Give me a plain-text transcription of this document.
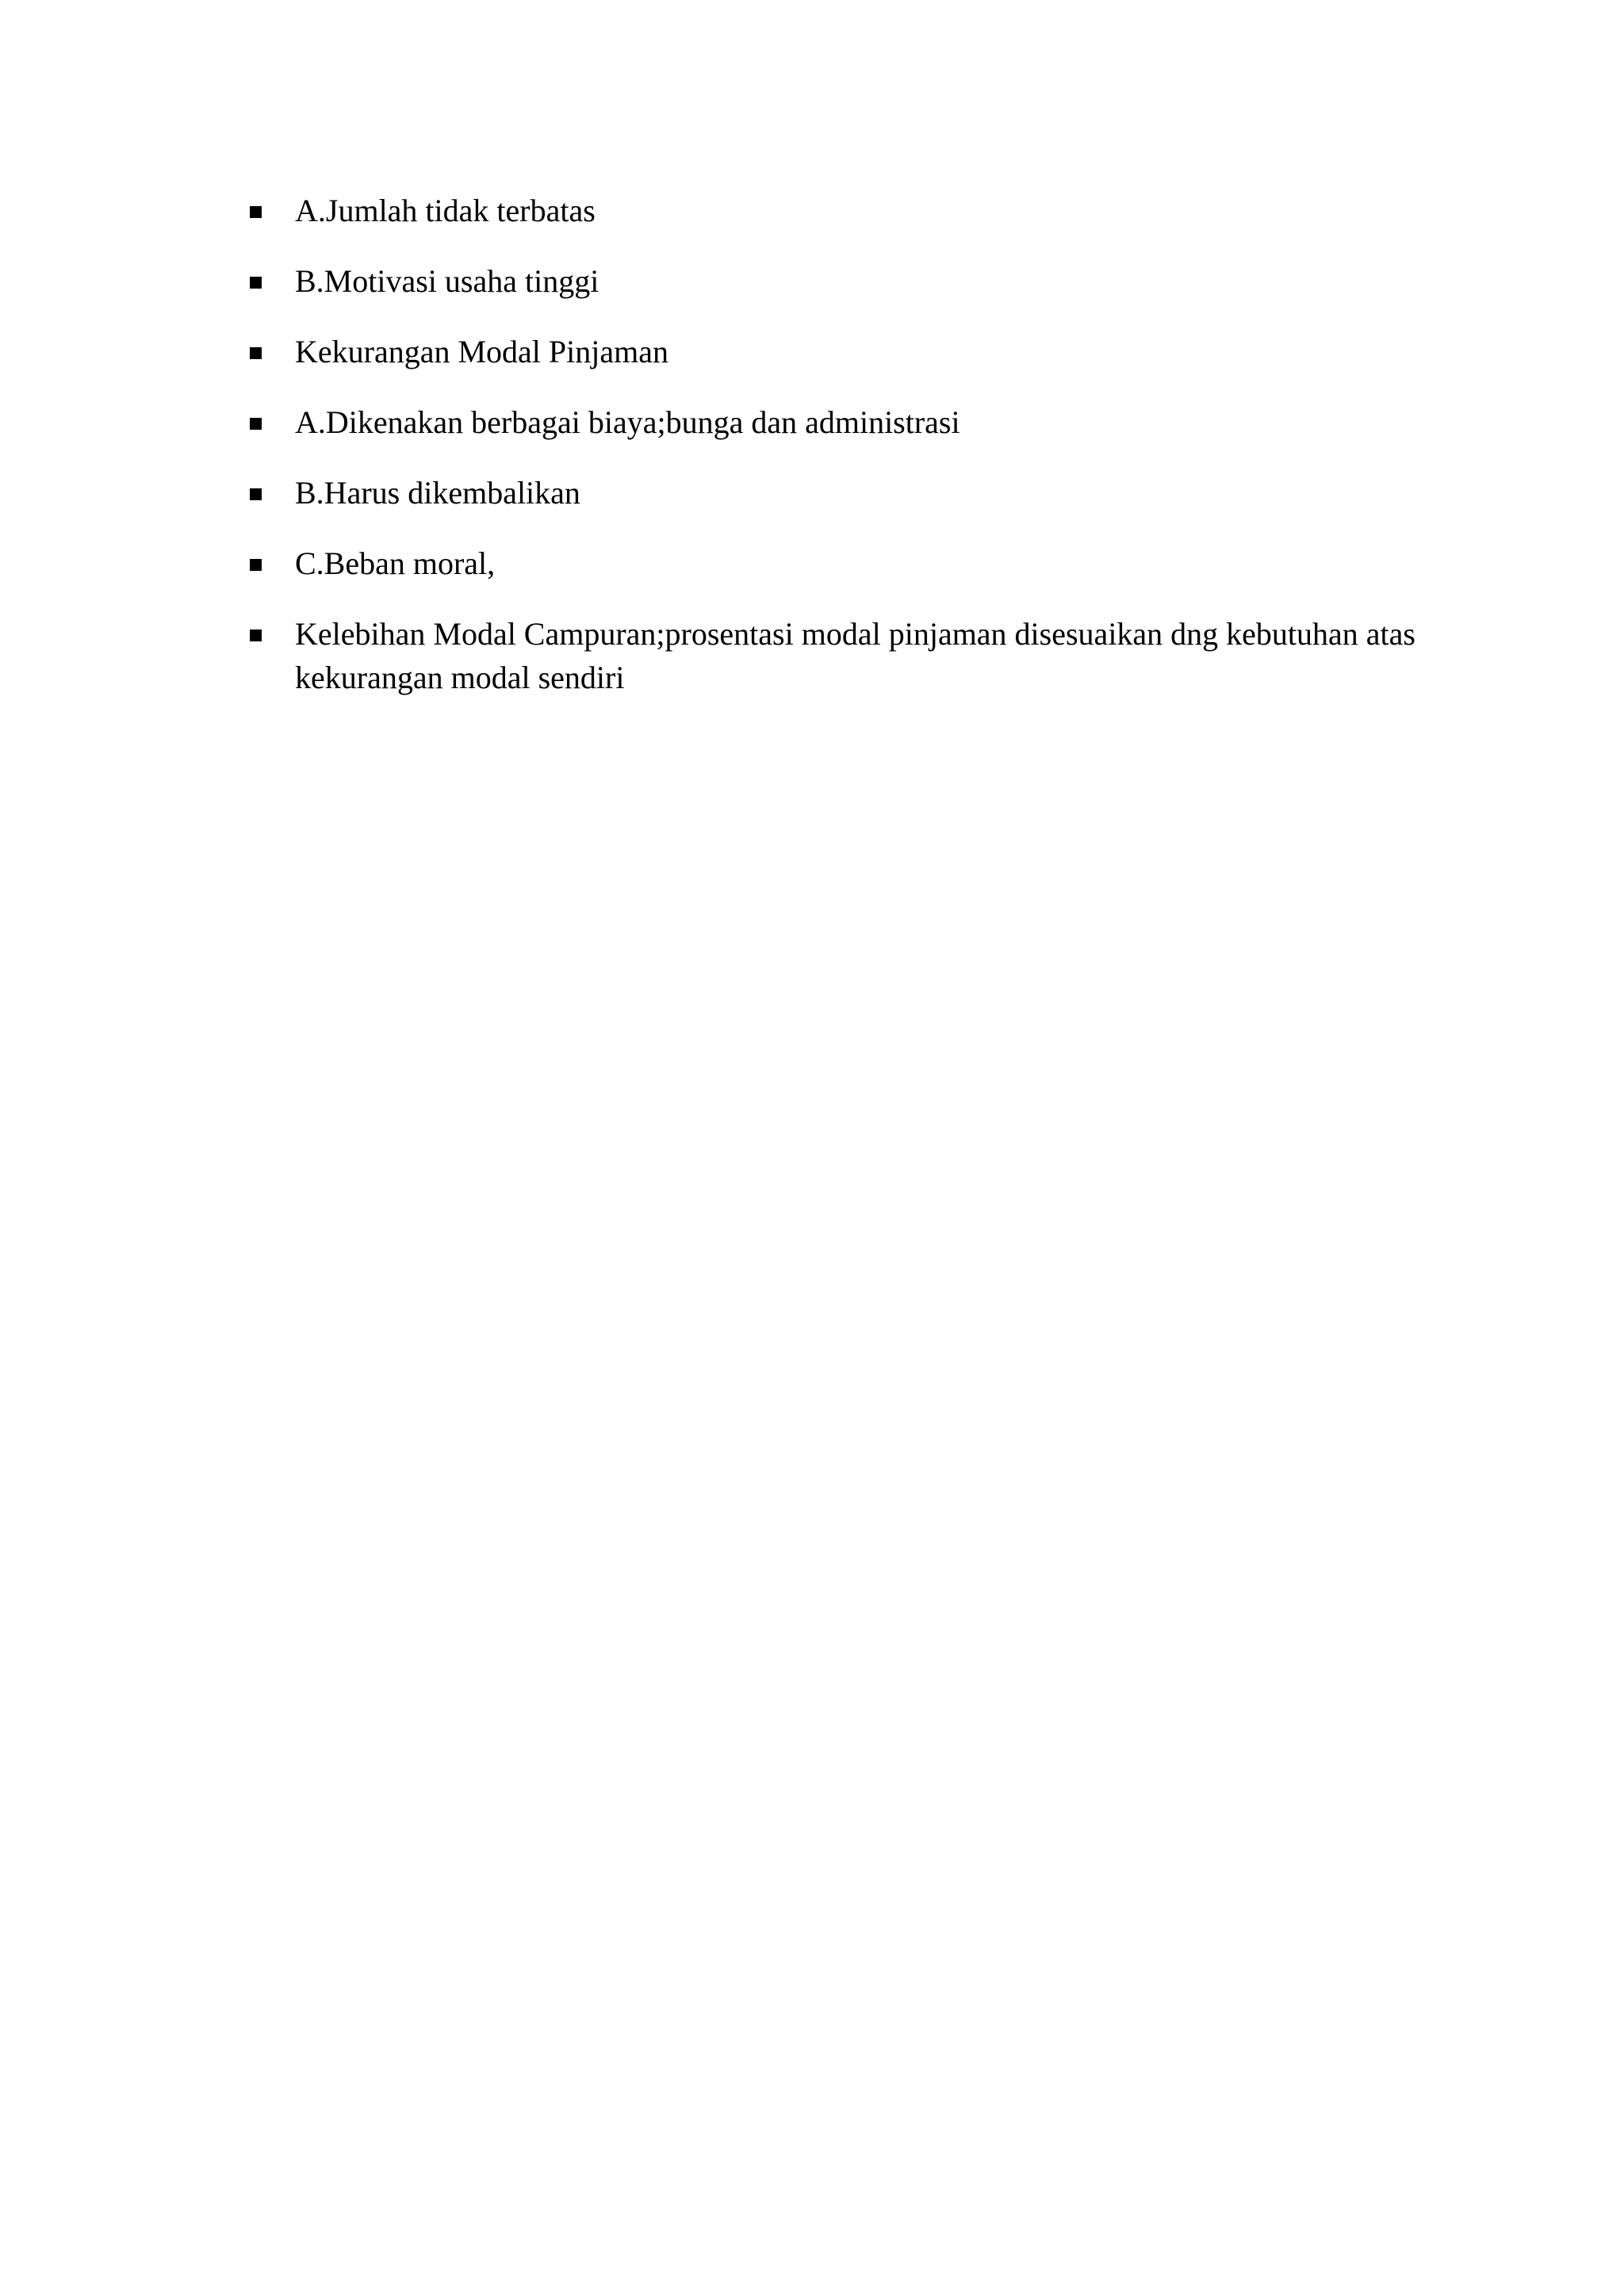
A.Jumlah tidak terbatas
B.Motivasi usaha tinggi
Kekurangan Modal Pinjaman
A.Dikenakan berbagai biaya;bunga dan administrasi
B.Harus dikembalikan
C.Beban moral,
Kelebihan Modal Campuran;prosentasi modal pinjaman disesuaikan dng kebutuhan atas kekurangan modal sendiri
